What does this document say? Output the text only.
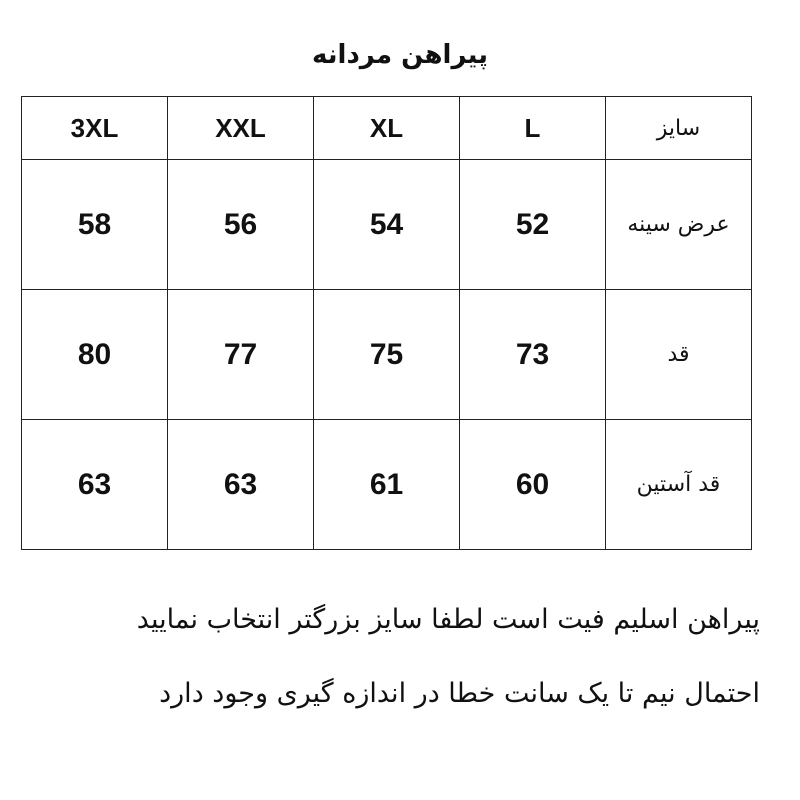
پیراهن مردانه
3XL	XXL	XL	L	سایز
58	56	54	52	عرض سینه
80	77	75	73	قد
63	63	61	60	قد آستین
پیراهن اسلیم فیت است لطفا سایز بزرگتر انتخاب نمایید
احتمال نیم تا یک سانت خطا در اندازه گیری وجود دارد
